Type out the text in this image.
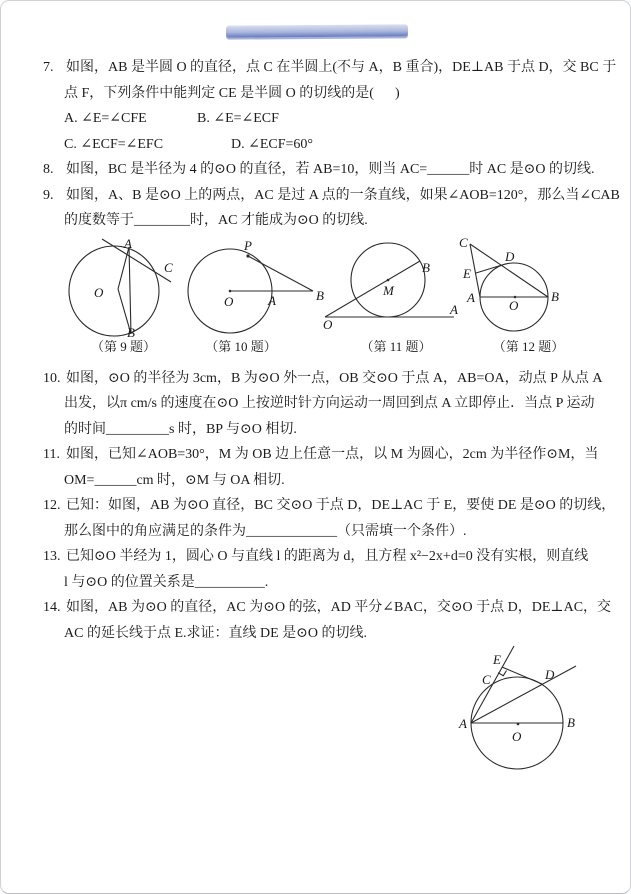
7. 如图，AB 是半圆 O 的直径，点 C 在半圆上(不与 A，B 重合)，DE⊥AB 于点 D，交 BC 于
点 F，下列条件中能判定 CE 是半圆 O 的切线的是(      )
A. ∠E=∠CFE	B. ∠E=∠ECF
C. ∠ECF=∠EFC	D. ∠ECF=60°
8. 如图，BC 是半径为 4 的⊙O 的直径，若 AB=10，则当 AC=______时 AC 是⊙O 的切线.
9. 如图，A、B 是⊙O 上的两点，AC 是过 A 点的一条直线，如果∠AOB=120°，那么当∠CAB
的度数等于________时，AC 才能成为⊙O 的切线.
A
C
O
B
（第 9 题）
P
O	A	B
（第 10 题）
B
M
O
A
（第 11 题）
C
D
E
A
O
B
（第 12 题）
10. 如图，⊙O 的半径为 3cm，B 为⊙O 外一点，OB 交⊙O 于点 A，AB=OA，动点 P 从点 A
出发，以π cm/s 的速度在⊙O 上按逆时针方向运动一周回到点 A 立即停止．当点 P 运动
的时间_________s 时，BP 与⊙O 相切.
11. 如图，已知∠AOB=30°，M 为 OB 边上任意一点，以 M 为圆心，2cm 为半径作⊙M，当
OM=______cm 时，⊙M 与 OA 相切.
12. 已知：如图，AB 为⊙O 直径，BC 交⊙O 于点 D，DE⊥AC 于 E，要使 DE 是⊙O 的切线，
那么图中的角应满足的条件为_____________（只需填一个条件）.
13. 已知⊙O 半经为 1，圆心 O 与直线 l 的距离为 d，且方程 x²−2x+d=0 没有实根，则直线
l 与⊙O 的位置关系是__________.
14. 如图，AB 为⊙O 的直径，AC 为⊙O 的弦，AD 平分∠BAC，交⊙O 于点 D，DE⊥AC，交
AC 的延长线于点 E.求证：直线 DE 是⊙O 的切线.
E
C	D
A
O
B
